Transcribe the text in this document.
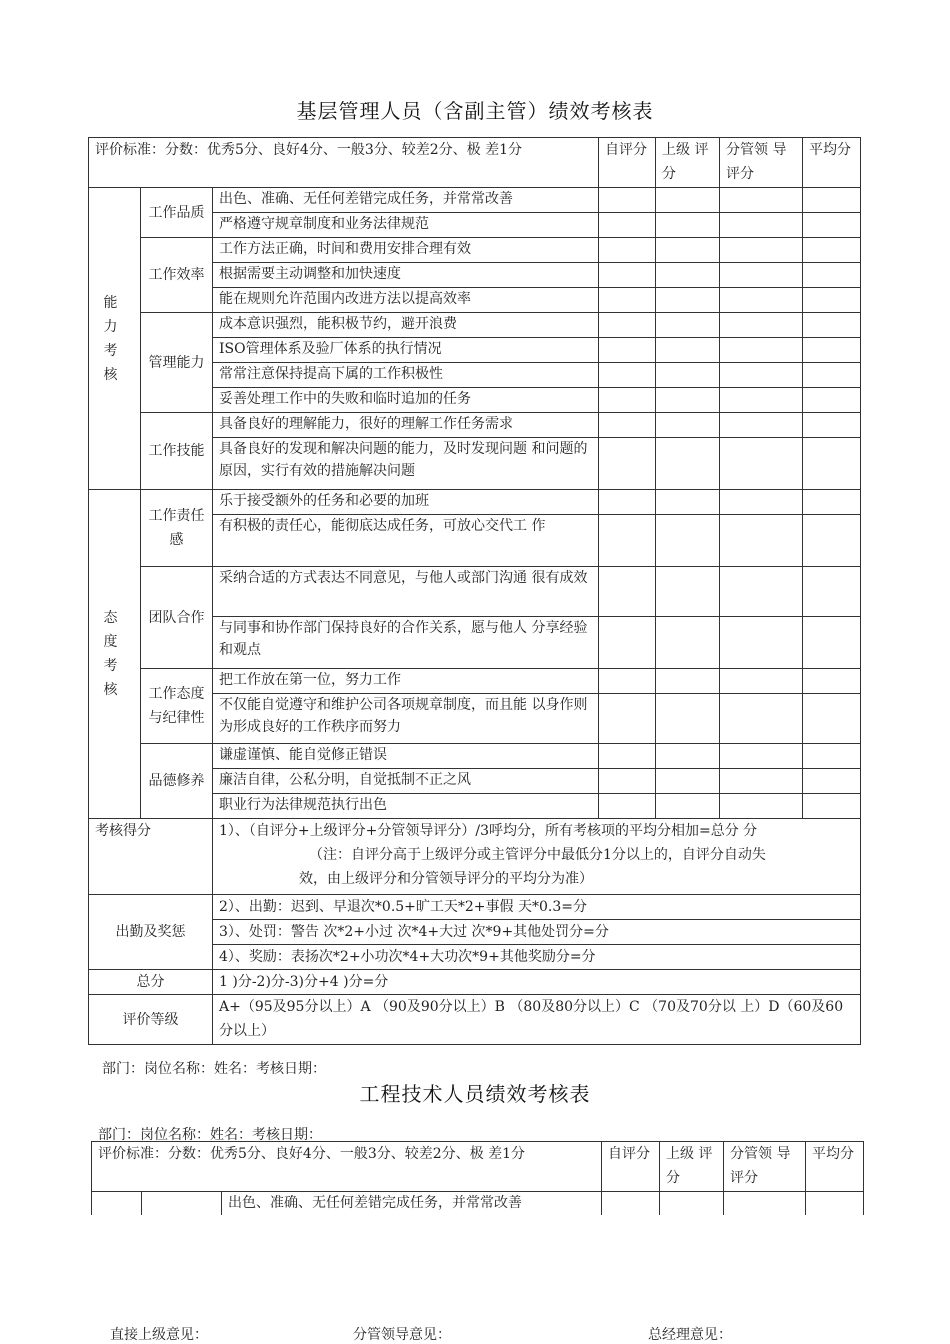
基层管理人员（含副主管）绩效考核表
评价标准：分数：优秀5分、良好4分、一般3分、较差2分、极 差1分			自评分	上级 评分	分管领 导评分	平均分
能 力 考 核	工作品质	出色、准确、无任何差错完成任务，并常常改善				
		严格遵守规章制度和业务法律规范				
	工作效率	工作方法正确，时间和费用安排合理有效				
		根据需要主动调整和加快速度				
		能在规则允许范围内改进方法以提高效率				
	管理能力	成本意识强烈，能积极节约，避开浪费				
		ISO管理体系及验厂体系的执行情况				
		常常注意保持提高下属的工作积极性				
		妥善处理工作中的失败和临时追加的任务				
	工作技能	具备良好的理解能力，很好的理解工作任务需求				
		具备良好的发现和解决问题的能力，及时发现问题 和问题的原因，实行有效的措施解决问题				
态 度 考 核	工作责任感	乐于接受额外的任务和必要的加班				
		有积极的责任心，能彻底达成任务，可放心交代工 作				
	团队合作	采纳合适的方式表达不同意见，与他人或部门沟通 很有成效				
		与同事和协作部门保持良好的合作关系，愿与他人 分享经验和观点				
	工作态度与纪律性	把工作放在第一位，努力工作				
		不仅能自觉遵守和维护公司各项规章制度，而且能 以身作则为形成良好的工作秩序而努力				
	品德修养	谦虚谨慎、能自觉修正错误				
		廉洁自律，公私分明，自觉抵制不正之风				
		职业行为法律规范执行出色				
考核得分		1）、（自评分+上级评分+分管领导评分）/3呼均分，所有考核项的平均分相加=总分 分
（注：自评分高于上级评分或主管评分中最低分1分以上的，自评分自动失
效，由上级评分和分管领导评分的平均分为准）				

出勤及奖惩		2）、出勤：迟到、早退次*0.5+旷工天*2+事假 天*0.3=分				
		3）、处罚：警告 次*2+小过 次*4+大过 次*9+其他处罚分=分				
		4）、奖励：表扬次*2+小功次*4+大功次*9+其他奖励分=分				
总分		1 )分-2)分-3)分+4 )分=分				
评价等级		A+（95及95分以上）A （90及90分以上）B （80及80分以上）C （70及70分以 上）D（60及60分以上）				
部门：岗位名称：姓名：考核日期：
工程技术人员绩效考核表
部门：岗位名称：姓名：考核日期：
评价标准：分数：优秀5分、良好4分、一般3分、较差2分、极 差1分			自评分	上级 评分	分管领 导评分	平均分
		出色、准确、无任何差错完成任务，并常常改善				
直接上级意见：	分管领导意见：	总经理意见：
